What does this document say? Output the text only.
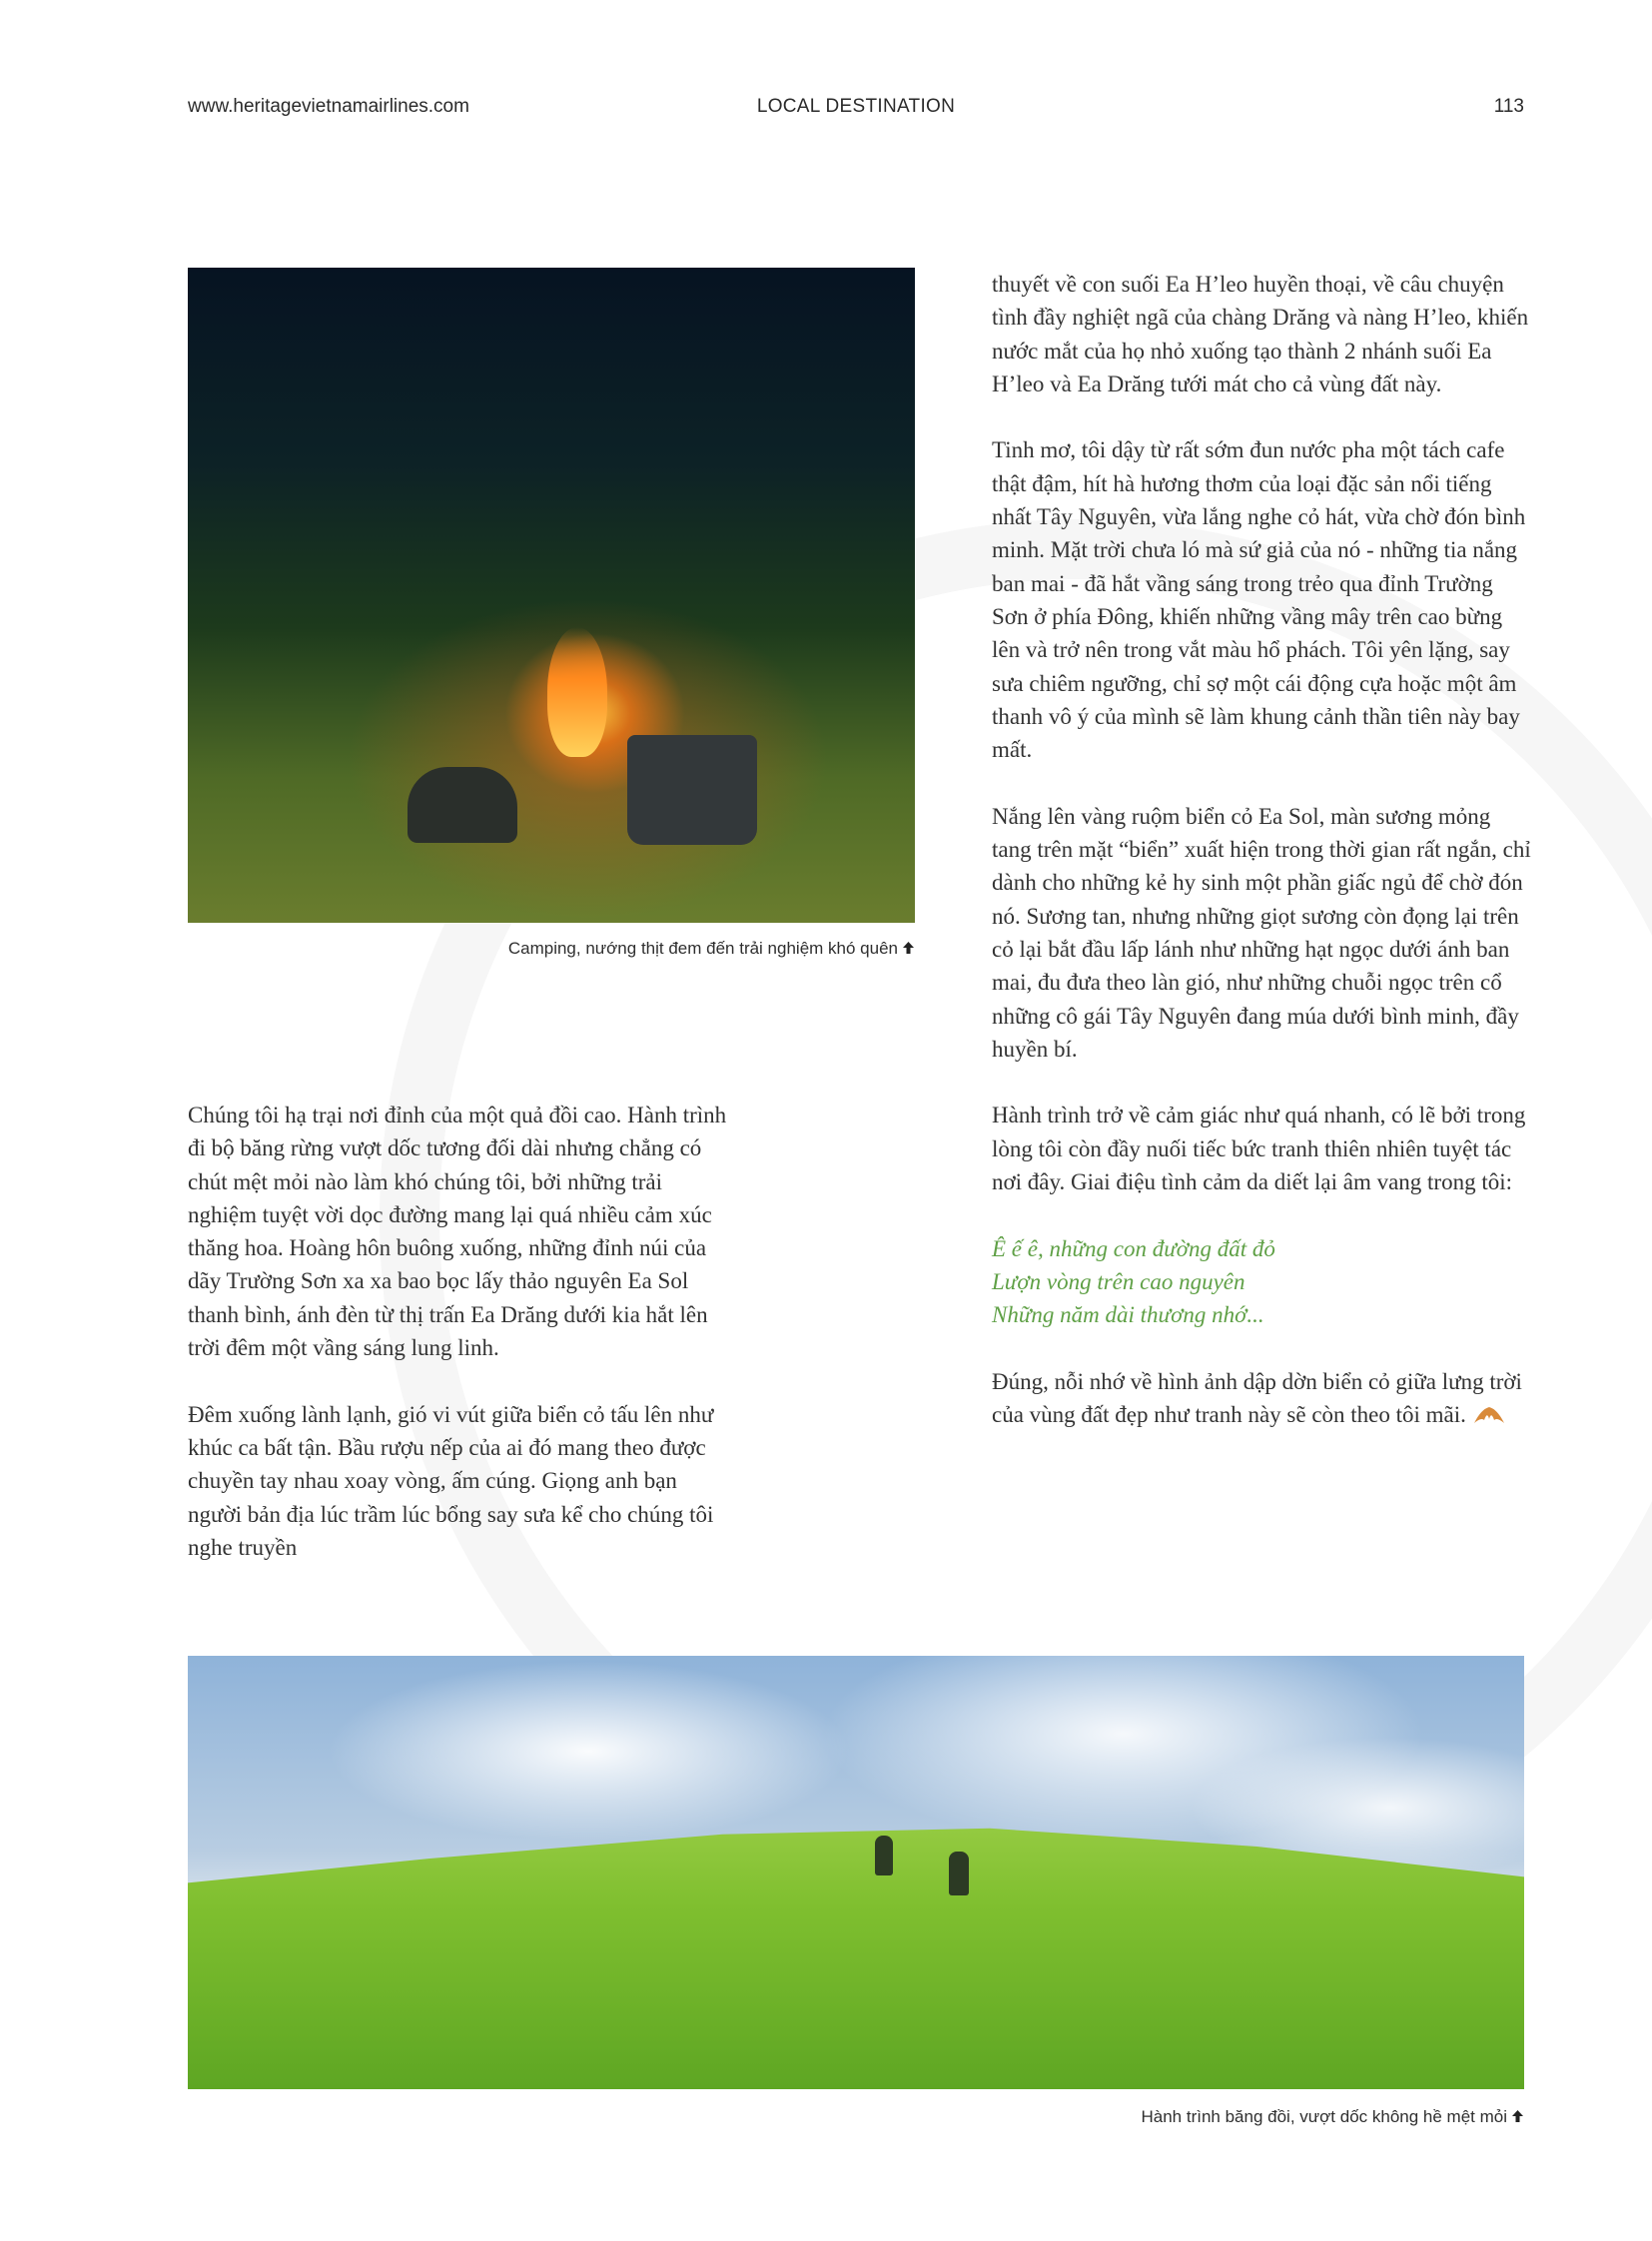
www.heritagevietnamairlines.com	LOCAL DESTINATION	113
Camping, nướng thịt đem đến trải nghiệm khó quên

Chúng tôi hạ trại nơi đỉnh của một quả đồi cao. Hành trình đi bộ băng rừng vượt dốc tương đối dài nhưng chẳng có chút mệt mỏi nào làm khó chúng tôi, bởi những trải nghiệm tuyệt vời dọc đường mang lại quá nhiều cảm xúc thăng hoa. Hoàng hôn buông xuống, những đỉnh núi của dãy Trường Sơn xa xa bao bọc lấy thảo nguyên Ea Sol thanh bình, ánh đèn từ thị trấn Ea Drăng dưới kia hắt lên trời đêm một vầng sáng lung linh.

Đêm xuống lành lạnh, gió vi vút giữa biển cỏ tấu lên như khúc ca bất tận. Bầu rượu nếp của ai đó mang theo được chuyền tay nhau xoay vòng, ấm cúng. Giọng anh bạn người bản địa lúc trầm lúc bổng say sưa kể cho chúng tôi nghe truyền

thuyết về con suối Ea H’leo huyền thoại, về câu chuyện tình đầy nghiệt ngã của chàng Drăng và nàng H’leo, khiến nước mắt của họ nhỏ xuống tạo thành 2 nhánh suối Ea H’leo và Ea Drăng tưới mát cho cả vùng đất này.

Tinh mơ, tôi dậy từ rất sớm đun nước pha một tách cafe thật đậm, hít hà hương thơm của loại đặc sản nổi tiếng nhất Tây Nguyên, vừa lắng nghe cỏ hát, vừa chờ đón bình minh. Mặt trời chưa ló mà sứ giả của nó - những tia nắng ban mai - đã hắt vầng sáng trong trẻo qua đỉnh Trường Sơn ở phía Đông, khiến những vầng mây trên cao bừng lên và trở nên trong vắt màu hổ phách. Tôi yên lặng, say sưa chiêm ngưỡng, chỉ sợ một cái động cựa hoặc một âm thanh vô ý của mình sẽ làm khung cảnh thần tiên này bay mất.

Nắng lên vàng ruộm biển cỏ Ea Sol, màn sương mỏng tang trên mặt “biển” xuất hiện trong thời gian rất ngắn, chỉ dành cho những kẻ hy sinh một phần giấc ngủ để chờ đón nó. Sương tan, nhưng những giọt sương còn đọng lại trên cỏ lại bắt đầu lấp lánh như những hạt ngọc dưới ánh ban mai, đu đưa theo làn gió, như những chuỗi ngọc trên cổ những cô gái Tây Nguyên đang múa dưới bình minh, đầy huyền bí.

Hành trình trở về cảm giác như quá nhanh, có lẽ bởi trong lòng tôi còn đầy nuối tiếc bức tranh thiên nhiên tuyệt tác nơi đây. Giai điệu tình cảm da diết lại âm vang trong tôi:

Ê ế ê, những con đường đất đỏ
Lượn vòng trên cao nguyên
Những năm dài thương nhớ...

Đúng, nỗi nhớ về hình ảnh dập dờn biển cỏ giữa lưng trời của vùng đất đẹp như tranh này sẽ còn theo tôi mãi.

Hành trình băng đồi, vượt dốc không hề mệt mỏi
